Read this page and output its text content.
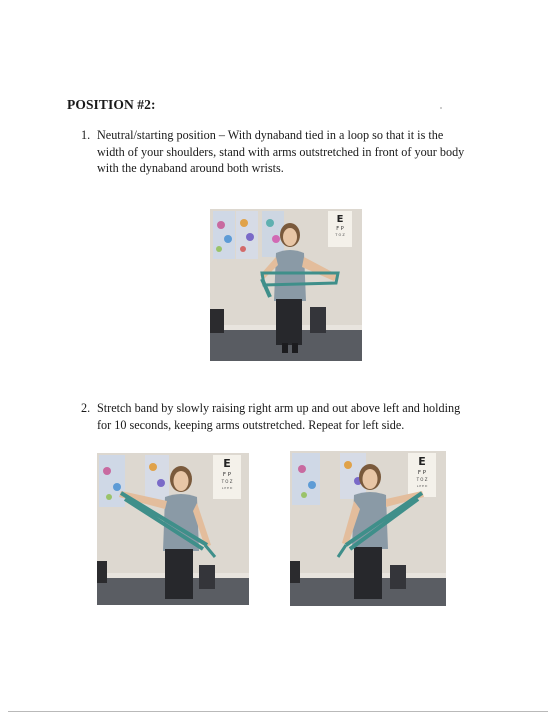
POSITION #2:
1. Neutral/starting position – With dynaband tied in a loop so that it is the
width of your shoulders, stand with arms outstretched in front of your body
with the dynaband around both wrists.
E
F P
T O Z
2. Stretch band by slowly raising right arm up and out above left and holding
for 10 seconds, keeping arms outstretched. Repeat for left side.
E
F P
T O Z
L P E D
E
F P
T O Z
L P E D
